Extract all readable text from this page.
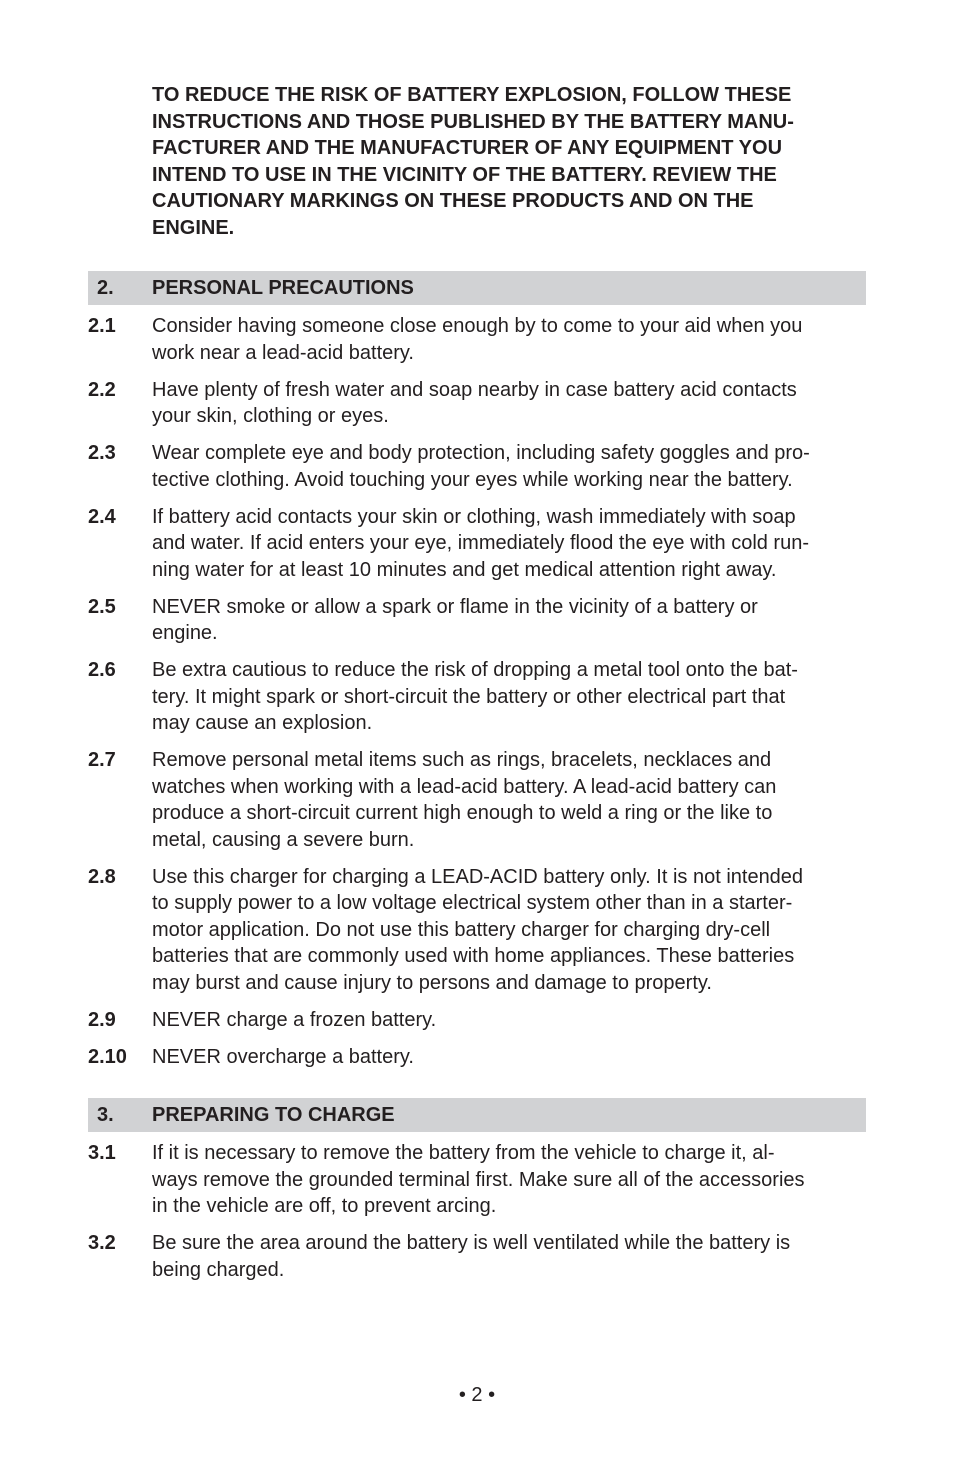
TO REDUCE THE RISK OF BATTERY EXPLOSION, FOLLOW THESE
INSTRUCTIONS AND THOSE PUBLISHED BY THE BATTERY MANU-
FACTURER AND THE MANUFACTURER OF ANY EQUIPMENT YOU
INTEND TO USE IN THE VICINITY OF THE BATTERY. REVIEW THE
CAUTIONARY MARKINGS ON THESE PRODUCTS AND ON THE
ENGINE.

2.	PERSONAL PRECAUTIONS
2.1	Consider having someone close enough by to come to your aid when you
work near a lead-acid battery.
2.2	Have plenty of fresh water and soap nearby in case battery acid contacts
your skin, clothing or eyes.
2.3	Wear complete eye and body protection, including safety goggles and pro-
tective clothing. Avoid touching your eyes while working near the battery.
2.4	If battery acid contacts your skin or clothing, wash immediately with soap
and water. If acid enters your eye, immediately flood the eye with cold run-
ning water for at least 10 minutes and get medical attention right away.
2.5	NEVER smoke or allow a spark or flame in the vicinity of a battery or
engine.
2.6	Be extra cautious to reduce the risk of dropping a metal tool onto the bat-
tery. It might spark or short-circuit the battery or other electrical part that
may cause an explosion.
2.7	Remove personal metal items such as rings, bracelets, necklaces and
watches when working with a lead-acid battery. A lead-acid battery can
produce a short-circuit current high enough to weld a ring or the like to
metal, causing a severe burn.
2.8	Use this charger for charging a LEAD-ACID battery only. It is not intended
to supply power to a low voltage electrical system other than in a starter-
motor application. Do not use this battery charger for charging dry-cell
batteries that are commonly used with home appliances. These batteries
may burst and cause injury to persons and damage to property.
2.9	NEVER charge a frozen battery.
2.10	NEVER overcharge a battery.
3.	PREPARING TO CHARGE
3.1	If it is necessary to remove the battery from the vehicle to charge it, al-
ways remove the grounded terminal first. Make sure all of the accessories
in the vehicle are off, to prevent arcing.
3.2	Be sure the area around the battery is well ventilated while the battery is
being charged.
• 2 •
